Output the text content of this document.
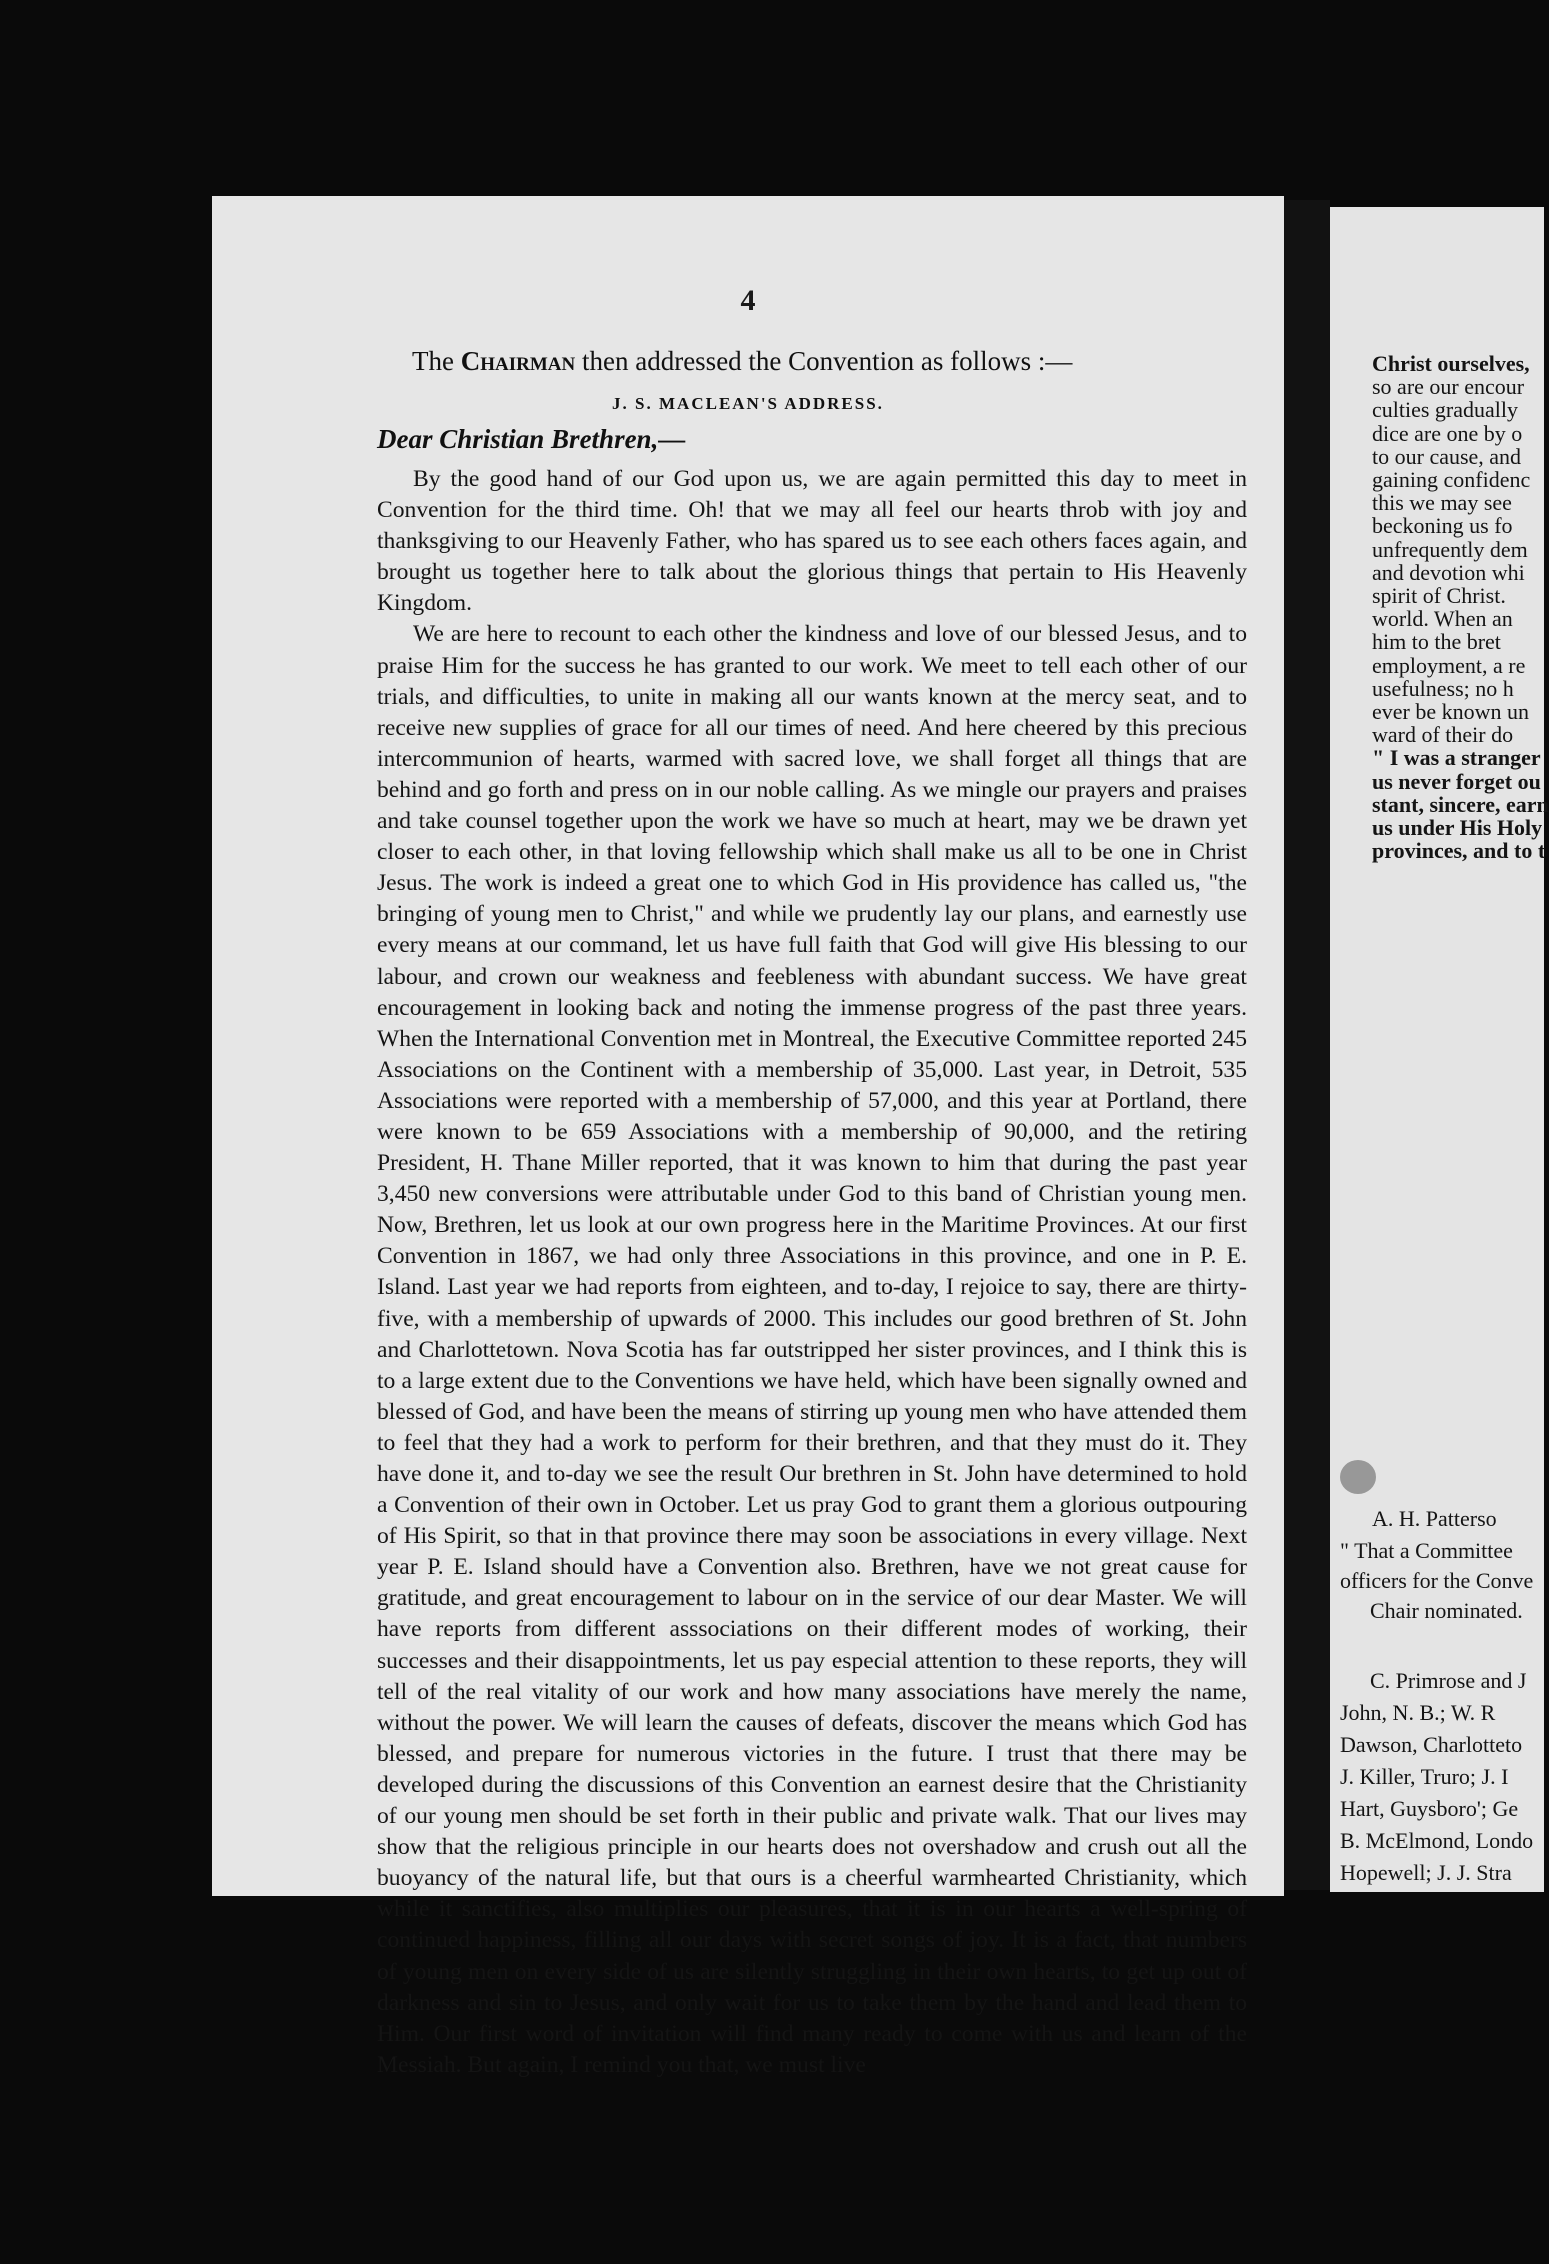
4
The Chairman then addressed the Convention as follows :—
J. S. MACLEAN'S ADDRESS.
Dear Christian Brethren,—

By the good hand of our God upon us, we are again permitted this day to meet in Convention for the third time. Oh! that we may all feel our hearts throb with joy and thanksgiving to our Heavenly Father, who has spared us to see each others faces again, and brought us together here to talk about the glorious things that pertain to His Heavenly Kingdom.

We are here to recount to each other the kindness and love of our blessed Jesus, and to praise Him for the success he has granted to our work. We meet to tell each other of our trials, and difficulties, to unite in making all our wants known at the mercy seat, and to receive new supplies of grace for all our times of need. And here cheered by this precious intercommunion of hearts, warmed with sacred love, we shall forget all things that are behind and go forth and press on in our noble calling. As we mingle our prayers and praises and take counsel together upon the work we have so much at heart, may we be drawn yet closer to each other, in that loving fellowship which shall make us all to be one in Christ Jesus. The work is indeed a great one to which God in His providence has called us, "the bringing of young men to Christ," and while we prudently lay our plans, and earnestly use every means at our command, let us have full faith that God will give His blessing to our labour, and crown our weakness and feebleness with abundant success. We have great encouragement in looking back and noting the immense progress of the past three years. When the International Convention met in Montreal, the Executive Committee reported 245 Associations on the Continent with a membership of 35,000. Last year, in Detroit, 535 Associations were reported with a membership of 57,000, and this year at Portland, there were known to be 659 Associations with a membership of 90,000, and the retiring President, H. Thane Miller reported, that it was known to him that during the past year 3,450 new conversions were attributable under God to this band of Christian young men. Now, Brethren, let us look at our own progress here in the Maritime Provinces. At our first Convention in 1867, we had only three Associations in this province, and one in P. E. Island. Last year we had reports from eighteen, and to-day, I rejoice to say, there are thirty-five, with a membership of upwards of 2000. This includes our good brethren of St. John and Charlottetown. Nova Scotia has far outstripped her sister provinces, and I think this is to a large extent due to the Conventions we have held, which have been signally owned and blessed of God, and have been the means of stirring up young men who have attended them to feel that they had a work to perform for their brethren, and that they must do it. They have done it, and to-day we see the result Our brethren in St. John have determined to hold a Convention of their own in October. Let us pray God to grant them a glorious outpouring of His Spirit, so that in that province there may soon be associations in every village. Next year P. E. Island should have a Convention also. Brethren, have we not great cause for gratitude, and great encouragement to labour on in the service of our dear Master. We will have reports from different asssociations on their different modes of working, their successes and their disappointments, let us pay especial attention to these reports, they will tell of the real vitality of our work and how many associations have merely the name, without the power. We will learn the causes of defeats, discover the means which God has blessed, and prepare for numerous victories in the future. I trust that there may be developed during the discussions of this Convention an earnest desire that the Christianity of our young men should be set forth in their public and private walk. That our lives may show that the religious principle in our hearts does not overshadow and crush out all the buoyancy of the natural life, but that ours is a cheerful warmhearted Christianity, which while it sanctifies, also multiplies our pleasures, that it is in our hearts a well-spring of continued happiness, filling all our days with secret songs of joy. It is a fact, that numbers of young men on every side of us are silently struggling in their own hearts, to get up out of darkness and sin to Jesus, and only wait for us to take them by the hand and lead them to Him. Our first word of invitation will find many ready to come with us and learn of the Messiah. But again, I remind you that, we must live

Christ ourselves,
so are our encour
culties gradually
dice are one by o
to our cause, and
gaining confidenc
this we may see
beckoning us fo
unfrequently dem
and devotion whi
spirit of Christ.
world. When an
him to the bret
employment, a re
usefulness; no h
ever be known un
ward of their do
" I was a stranger
us never forget ou
stant, sincere, earn
us under His Holy
provinces, and to t
A. H. Patterso
" That a Committee
officers for the Conve
Chair nominated.
C. Primrose and J
John, N. B.; W. R
Dawson, Charlotteto
J. Killer, Truro; J. I
Hart, Guysboro'; Ge
B. McElmond, Londo
Hopewell; J. J. Stra
